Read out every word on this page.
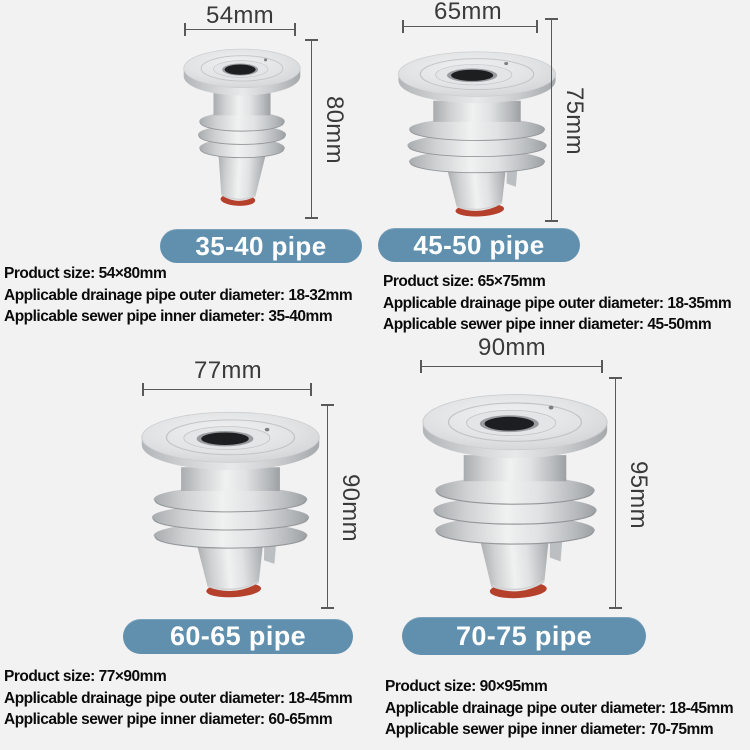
54mm
80mm
35-40 pipe
Product size: 54×80mm
Applicable drainage pipe outer diameter: 18-32mm
Applicable sewer pipe inner diameter: 35-40mm
65mm
75mm
45-50 pipe
Product size: 65×75mm
Applicable drainage pipe outer diameter: 18-35mm
Applicable sewer pipe inner diameter: 45-50mm
77mm
90mm
60-65 pipe
Product size: 77×90mm
Applicable drainage pipe outer diameter: 18-45mm
Applicable sewer pipe inner diameter: 60-65mm
90mm
95mm
70-75 pipe
Product size: 90×95mm
Applicable drainage pipe outer diameter: 18-45mm
Applicable sewer pipe inner diameter: 70-75mm
